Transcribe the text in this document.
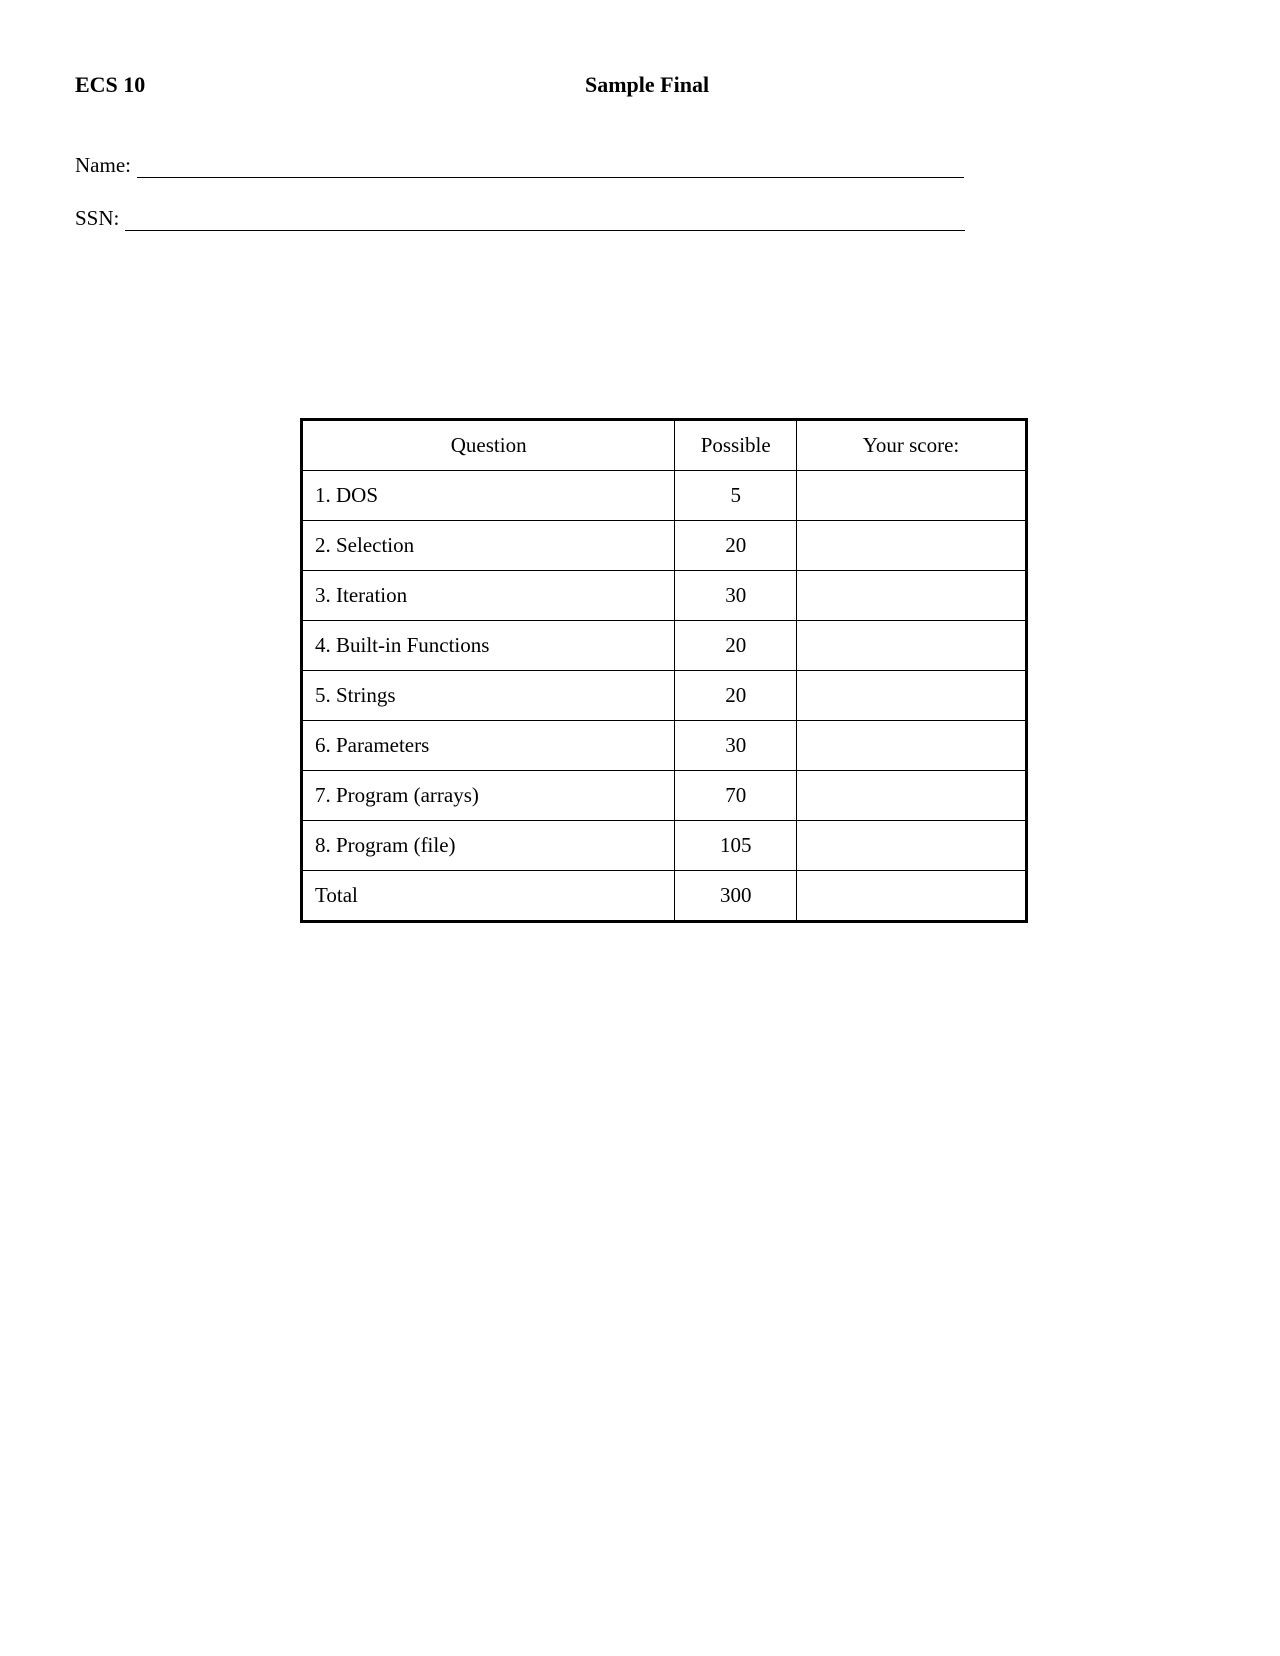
ECS 10	Sample Final
Name:
SSN:
Question	Possible	Your score:
1. DOS	5	
2. Selection	20	
3. Iteration	30	
4. Built-in Functions	20	
5. Strings	20	
6. Parameters	30	
7. Program (arrays)	70	
8. Program (file)	105	
Total	300	
